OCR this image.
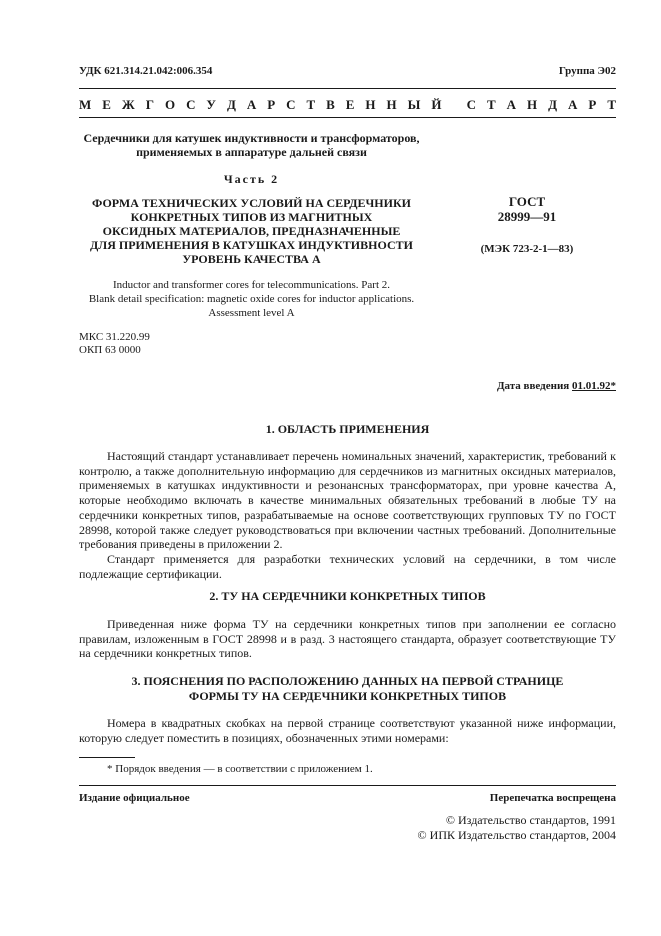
УДК 621.314.21.042:006.354	Группа Э02
М Е Ж Г О С У Д А Р С Т В Е Н Н Ы Й
С Т А Н Д А Р Т
Сердечники для катушек индуктивности и трансформаторов,
применяемых в аппаратуре дальней связи
Часть 2
ФОРМА ТЕХНИЧЕСКИХ УСЛОВИЙ НА СЕРДЕЧНИКИ
КОНКРЕТНЫХ ТИПОВ ИЗ МАГНИТНЫХ
ОКСИДНЫХ МАТЕРИАЛОВ, ПРЕДНАЗНАЧЕННЫЕ
ДЛЯ ПРИМЕНЕНИЯ В КАТУШКАХ ИНДУКТИВНОСТИ
УРОВЕНЬ КАЧЕСТВА А
ГОСТ
28999—91
(МЭК 723-2-1—83)
Inductor and transformer cores for telecommunications. Part 2.
Blank detail specification: magnetic oxide cores for inductor applications.
Assessment level A
МКС 31.220.99
ОКП 63 0000
Дата введения 01.01.92*
1. ОБЛАСТЬ ПРИМЕНЕНИЯ

Настоящий стандарт устанавливает перечень номинальных значений, характеристик, требований к контролю, а также дополнительную информацию для сердечников из магнитных оксидных материалов, применяемых в катушках индуктивности и резонансных трансформаторах, при уровне качества А, которые необходимо включать в качестве минимальных обязательных требований в любые ТУ на сердечники конкретных типов, разрабатываемые на основе соответствующих групповых ТУ по ГОСТ 28998, которой также следует руководствоваться при включении частных требований. Дополнительные требования приведены в приложении 2.

Стандарт применяется для разработки технических условий на сердечники, в том числе подлежащие сертификации.

2. ТУ НА СЕРДЕЧНИКИ КОНКРЕТНЫХ ТИПОВ

Приведенная ниже форма ТУ на сердечники конкретных типов при заполнении ее согласно правилам, изложенным в ГОСТ 28998 и в разд. 3 настоящего стандарта, образует соответствующие ТУ на сердечники конкретных типов.

3. ПОЯСНЕНИЯ ПО РАСПОЛОЖЕНИЮ ДАННЫХ НА ПЕРВОЙ СТРАНИЦЕ
ФОРМЫ ТУ НА СЕРДЕЧНИКИ КОНКРЕТНЫХ ТИПОВ

Номера в квадратных скобках на первой странице соответствуют указанной ниже информации, которую следует поместить в позициях, обозначенных этими номерами:

* Порядок введения — в соответствии с приложением 1.
Издание официальное	Перепечатка воспрещена
© Издательство стандартов, 1991
© ИПК Издательство стандартов, 2004
